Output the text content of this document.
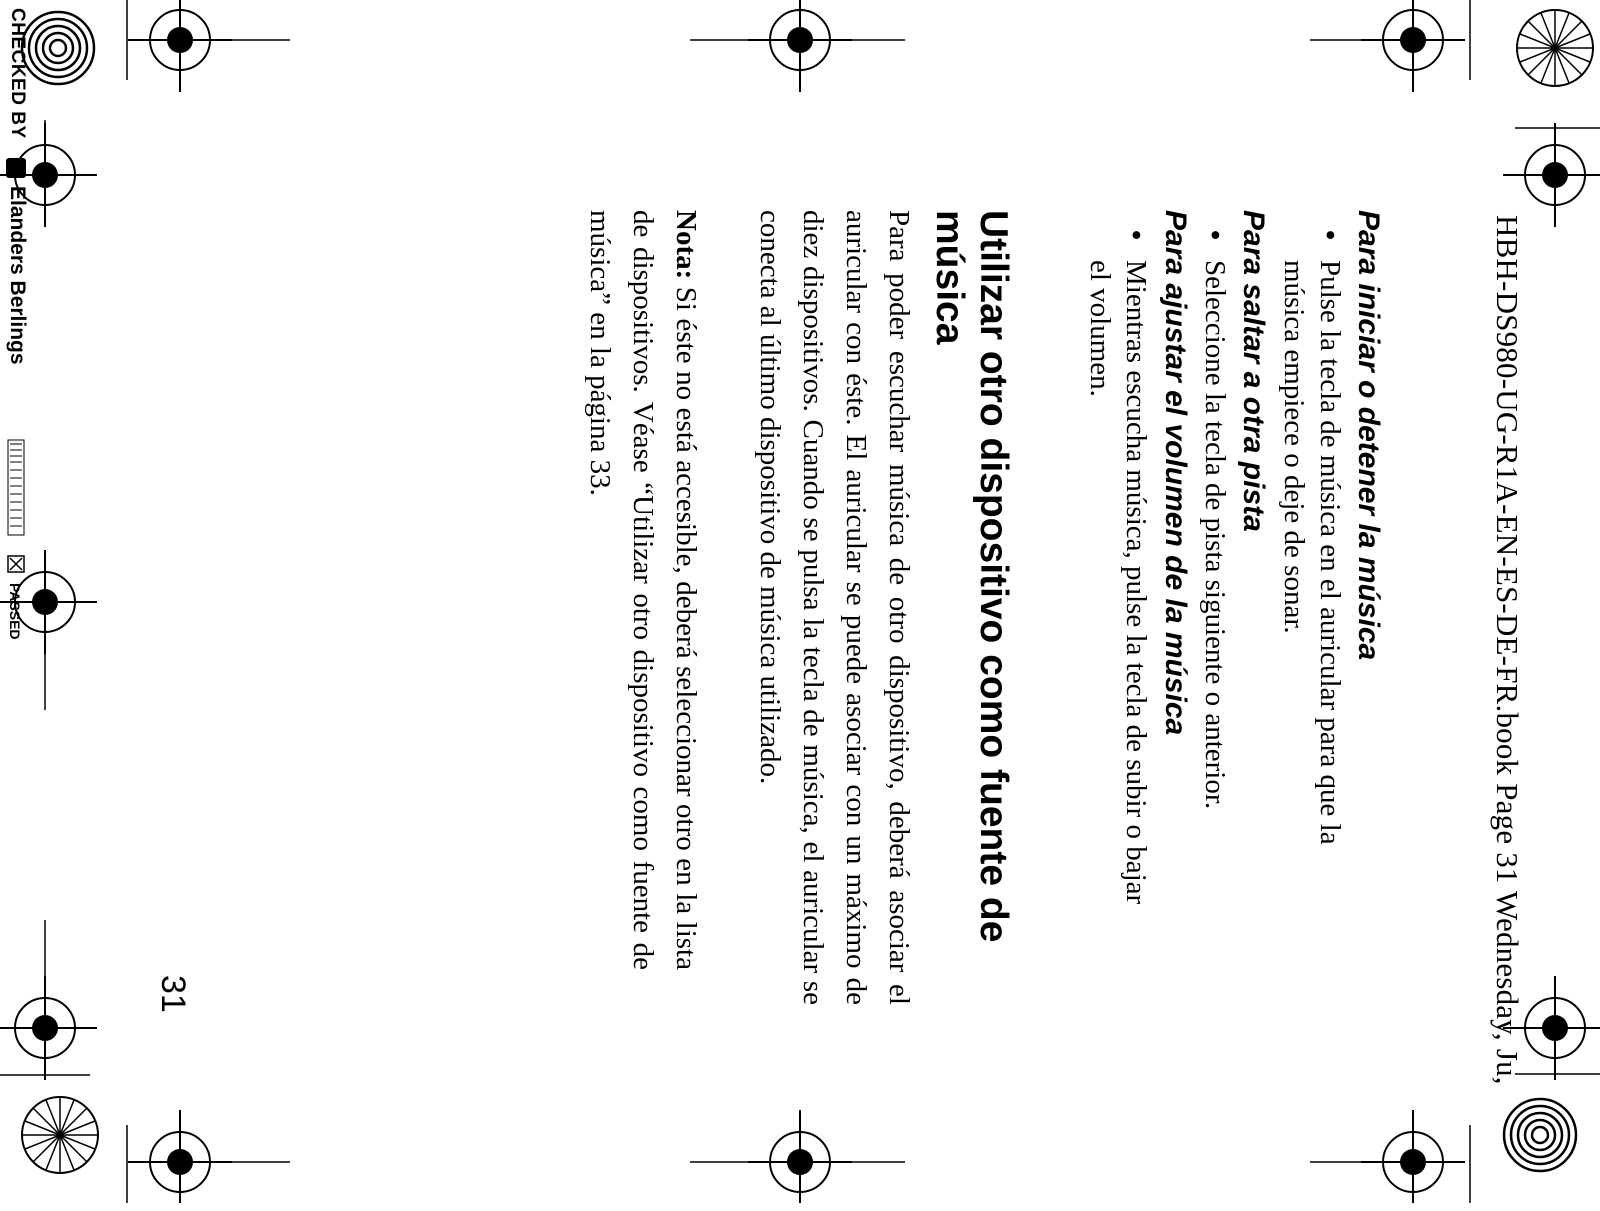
CHECKED BY
Elanders Berlings
PASSED	HBH-DS980-UG-R1A-EN-ES-DE-FR.book Page 31 Wednesday, Ju,
Para iniciar o detener la música
•
Pulse la tecla de música en el auricular para que la música empiece o deje de sonar.
Para saltar a otra pista
•
Seleccione la tecla de pista siguiente o anterior.
Para ajustar el volumen de la música
•
Mientras escucha música, pulse la tecla de subir o bajar el volumen.
Utilizar otro dispositivo como fuente de música
Para poder escuchar música de otro dispositivo, deberá asociar el auricular con éste. El auricular se puede asociar con un máximo de diez dispositivos. Cuando se pulsa la tecla de música, el auricular se conecta al último dispositivo de música utilizado.
Nota: Si éste no está accesible, deberá seleccionar otro en la lista de dispositivos. Véase “Utilizar otro dispositivo como fuente de música” en la página 33.
31
